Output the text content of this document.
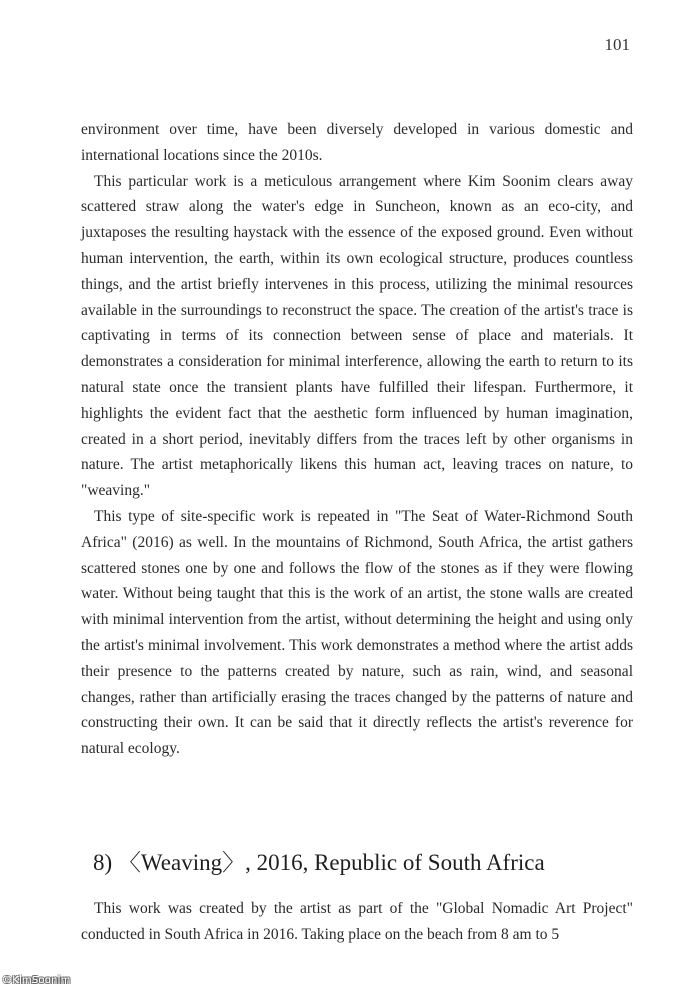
101

environment over time, have been diversely developed in various domestic and international locations since the 2010s.

This particular work is a meticulous arrangement where Kim Soonim clears away scattered straw along the water's edge in Suncheon, known as an eco-city, and juxtaposes the resulting haystack with the essence of the exposed ground. Even without human intervention, the earth, within its own ecological structure, produces countless things, and the artist briefly intervenes in this process, utilizing the minimal resources available in the surroundings to reconstruct the space. The creation of the artist's trace is captivating in terms of its connection between sense of place and materials. It demonstrates a consideration for minimal interference, allowing the earth to return to its natural state once the transient plants have fulfilled their lifespan. Furthermore, it highlights the evident fact that the aesthetic form influenced by human imagination, created in a short period, inevitably differs from the traces left by other organisms in nature. The artist metaphorically likens this human act, leaving traces on nature, to "weaving."

This type of site-specific work is repeated in "The Seat of Water-Richmond South Africa" (2016) as well. In the mountains of Richmond, South Africa, the artist gathers scattered stones one by one and follows the flow of the stones as if they were flowing water. Without being taught that this is the work of an artist, the stone walls are created with minimal intervention from the artist, without determining the height and using only the artist's minimal involvement. This work demonstrates a method where the artist adds their presence to the patterns created by nature, such as rain, wind, and seasonal changes, rather than artificially erasing the traces changed by the patterns of nature and constructing their own. It can be said that it directly reflects the artist's reverence for natural ecology.

8) 〈Weaving〉, 2016, Republic of South Africa

This work was created by the artist as part of the "Global Nomadic Art Project" conducted in South Africa in 2016. Taking place on the beach from 8 am to 5

©KimSoonim
